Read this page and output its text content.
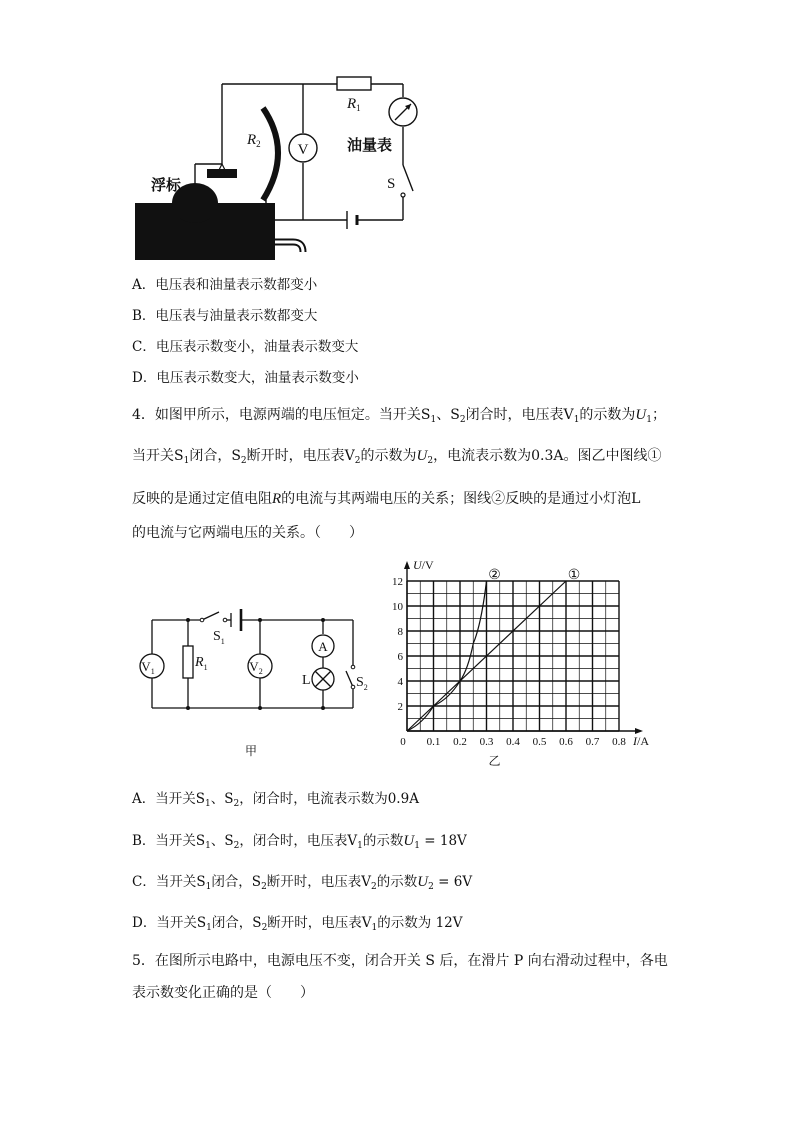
V
$R_1$
$R_2$	油量表
S
浮标
A．电压表和油量表示数都变小
B．电压表与油量表示数都变大
C．电压表示数变小，油量表示数变大
D．电压表示数变大，油量表示数变小
4．如图甲所示，电源两端的电压恒定。当开关$S_1$、$S_2$闭合时，电压表$V_1$的示数为$U_1$；
当开关$S_1$闭合，$S_2$断开时，电压表$V_2$的示数为$U_2$，电流表示数为0.3A。图乙中图线①
反映的是通过定值电阻R的电流与其两端电压的关系；图线②反映的是通过小灯泡L
的电流与它两端电压的关系。（　　）
$V_1$	$V_2$
A
L
$S_1$
$S_2$
$R_1$
甲
0.1 0.2 0.3 0.4 0.5 0.6 0.7 0.8
2
4
6
8
10
12
0
U/V
I/A
①
②
乙
A．当开关$S_1$、$S_2$，闭合时，电流表示数为0.9A
B．当开关$S_1$、$S_2$，闭合时，电压表$V_1$的示数$U_1 = 18V$
C．当开关$S_1$闭合，$S_2$断开时，电压表$V_2$的示数$U_2 = 6V$
D．当开关$S_1$闭合，$S_2$断开时，电压表$V_1$的示数为 12V
5．在图所示电路中，电源电压不变，闭合开关 S 后，在滑片 P 向右滑动过程中，各电
表示数变化正确的是（　　）
